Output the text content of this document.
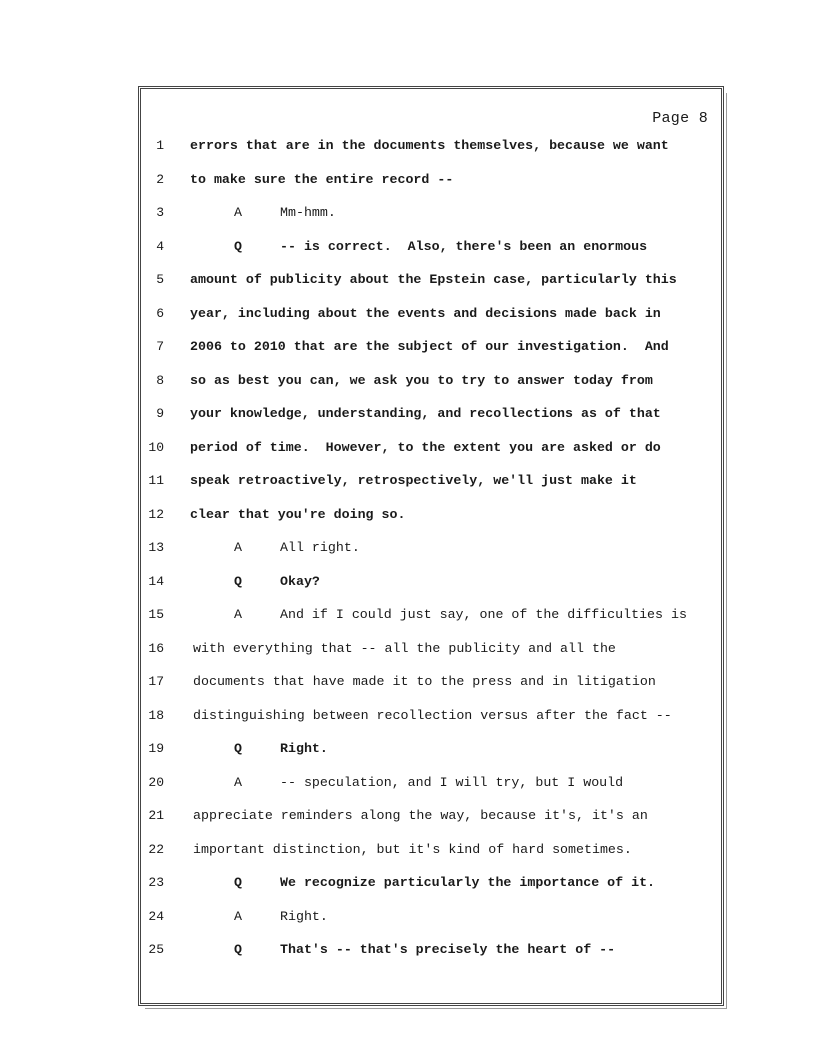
Page 8
1 errors that are in the documents themselves, because we want
2 to make sure the entire record --
3	A	Mm-hmm.
4	Q	-- is correct.  Also, there's been an enormous
5 amount of publicity about the Epstein case, particularly this
6 year, including about the events and decisions made back in
7 2006 to 2010 that are the subject of our investigation.  And
8 so as best you can, we ask you to try to answer today from
9 your knowledge, understanding, and recollections as of that
10 period of time.  However, to the extent you are asked or do
11 speak retroactively, retrospectively, we'll just make it
12 clear that you're doing so.
13	A	All right.
14	Q	Okay?
15	A	And if I could just say, one of the difficulties is
16 with everything that -- all the publicity and all the
17 documents that have made it to the press and in litigation
18 distinguishing between recollection versus after the fact --
19	Q	Right.
20	A	-- speculation, and I will try, but I would
21 appreciate reminders along the way, because it's, it's an
22 important distinction, but it's kind of hard sometimes.
23	Q	We recognize particularly the importance of it.
24	A	Right.
25	Q	That's -- that's precisely the heart of --
